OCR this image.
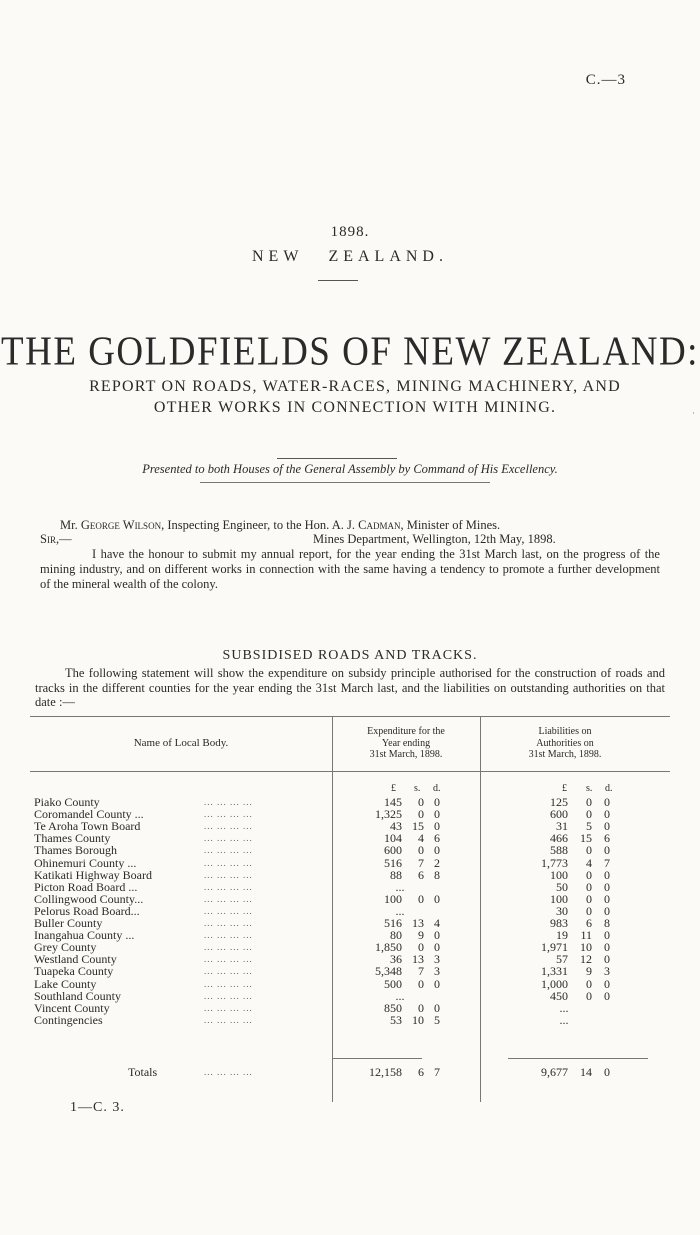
C.—3
1898.
NEW ZEALAND.
THE GOLDFIELDS OF NEW ZEALAND:
REPORT ON ROADS, WATER-RACES, MINING MACHINERY, AND
OTHER WORKS IN CONNECTION WITH MINING.	·
Presented to both Houses of the General Assembly by Command of His Excellency.
Mr. George Wilson, Inspecting Engineer, to the Hon. A. J. Cadman, Minister of Mines.
Sir,—	Mines Department, Wellington, 12th May, 1898.
I have the honour to submit my annual report, for the year ending the 31st March last, on the progress of the mining industry, and on different works in connection with the same having a tendency to promote a further development of the mineral wealth of the colony.
SUBSIDISED ROADS AND TRACKS.
The following statement will show the expenditure on subsidy principle authorised for the construction of roads and tracks in the different counties for the year ending the 31st March last, and the liabilities on outstanding authorities on that date :—
Name of Local Body.
Expenditure for the
Year ending
31st March, 1898.
Liabilities on
Authorities on
31st March, 1898.
£ s. d.	£ s. d.
Piako County	... ... ... ...	145	0 0	125	0	0
Coromandel County ...	... ... ... ...	1,325	0 0	600	0	0
Te Aroha Town Board	... ... ... ...	43 15 0	31	5	0
Thames County	... ... ... ...	104	4 6	466	15	6
Thames Borough	... ... ... ...	600	0 0	588	0	0
Ohinemuri County ...	... ... ... ...	516	7 2	1,773	4	7
Katikati Highway Board	... ... ... ...	88	6 8	100	0	0
Picton Road Board ...	... ... ... ...	...	50	0	0
Collingwood County...	... ... ... ...	100	0 0	100	0	0
Pelorus Road Board...	... ... ... ...	...	30	0	0
Buller County	... ... ... ...	516 13 4	983	6	8
Inangahua County ...	... ... ... ...	80	9 0	19	11	0
Grey County	... ... ... ...	1,850	0 0	1,971	10	0
Westland County	... ... ... ...	36 13 3	57	12	0
Tuapeka County	... ... ... ...	5,348	7 3	1,331	9	3
Lake County	... ... ... ...	500	0 0	1,000	0	0
Southland County	... ... ... ...	...	450	0	0
Vincent County	... ... ... ...	850	0 0	...
Contingencies	... ... ... ...	53 10 5	...
Totals	... ... ... ...	12,158	6 7	9,677	14	0
1—C. 3.
